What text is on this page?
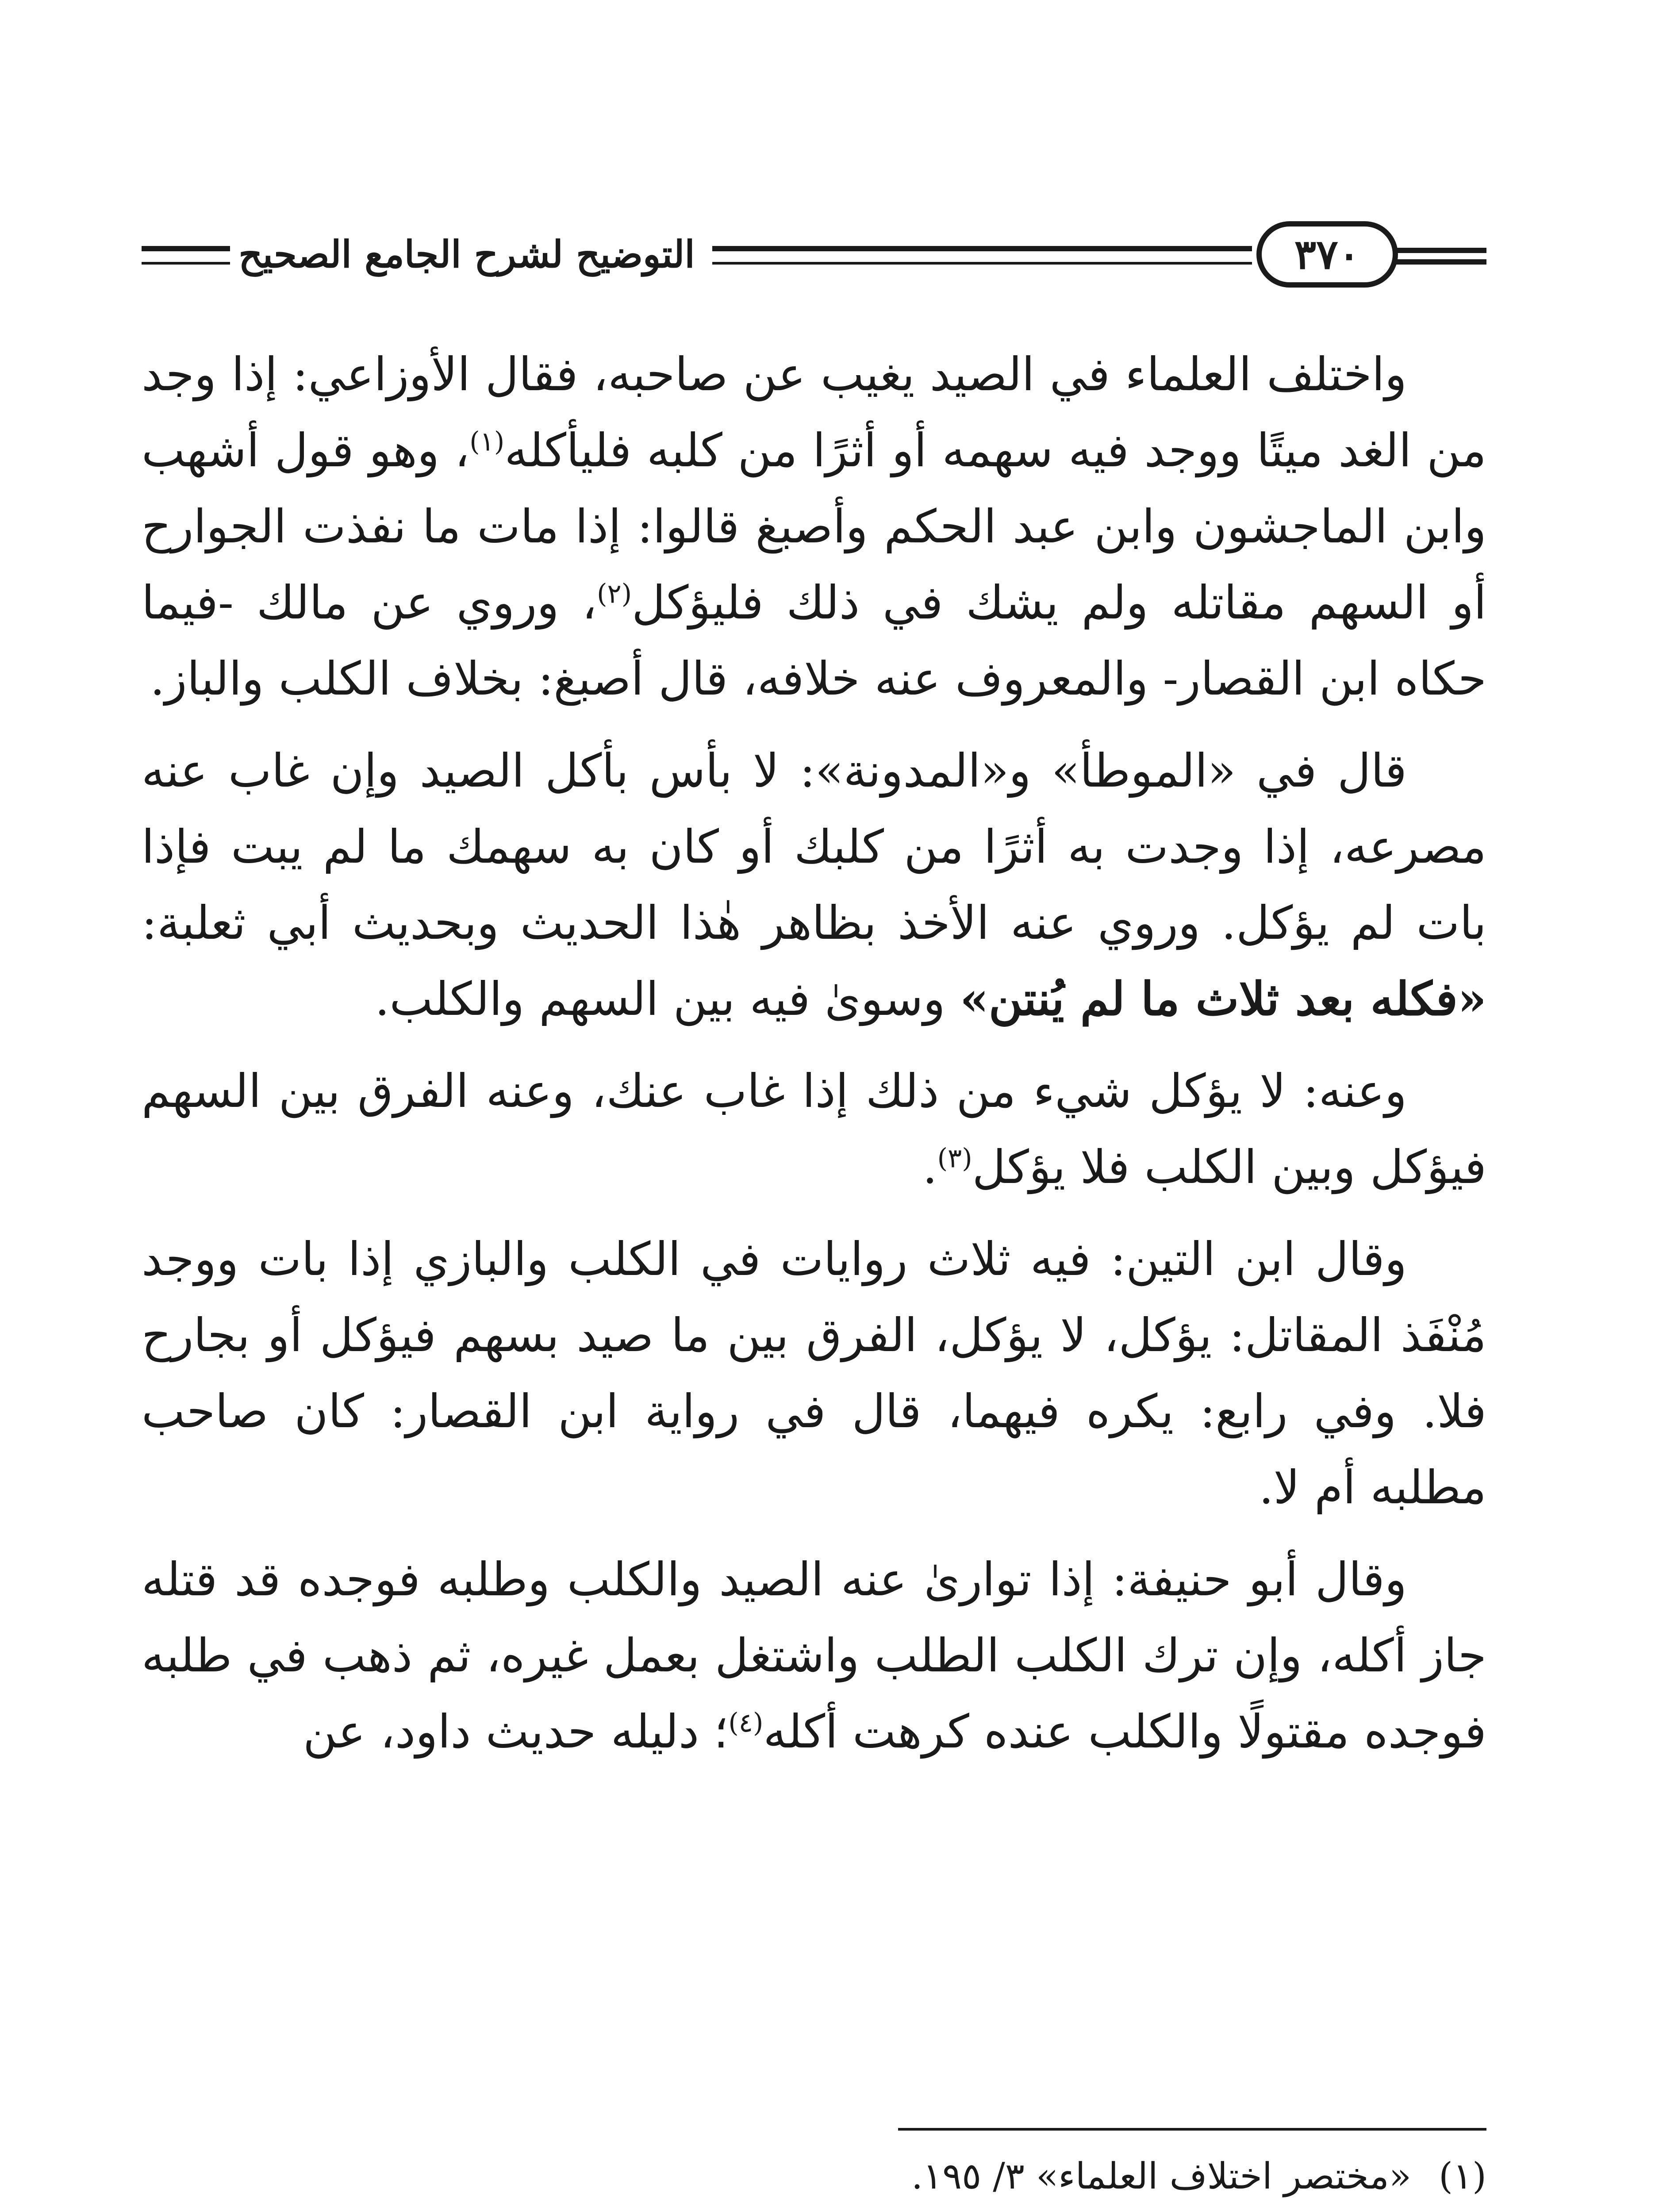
٣٧٠
التوضيح لشرح الجامع الصحيح

واختلف العلماء في الصيد يغيب عن صاحبه، فقال الأوزاعي: إذا وجد من الغد ميتًا ووجد فيه سهمه أو أثرًا من كلبه فليأكله$^{(١)}$، وهو قول أشهب وابن الماجشون وابن عبد الحكم وأصبغ قالوا: إذا مات ما نفذت الجوارح أو السهم مقاتله ولم يشك في ذلك فليؤكل$^{(٢)}$، وروي عن مالك -فيما حكاه ابن القصار- والمعروف عنه خلافه، قال أصبغ: بخلاف الكلب والباز.

قال في «الموطأ» و«المدونة»: لا بأس بأكل الصيد وإن غاب عنه مصرعه، إذا وجدت به أثرًا من كلبك أو كان به سهمك ما لم يبت فإذا بات لم يؤكل. وروي عنه الأخذ بظاهر هٰذا الحديث وبحديث أبي ثعلبة: «فكله بعد ثلاث ما لم يُنتن» وسوىٰ فيه بين السهم والكلب.

وعنه: لا يؤكل شيء من ذلك إذا غاب عنك، وعنه الفرق بين السهم فيؤكل وبين الكلب فلا يؤكل$^{(٣)}$.

وقال ابن التين: فيه ثلاث روايات في الكلب والبازي إذا بات ووجد مُنْفَذ المقاتل: يؤكل، لا يؤكل، الفرق بين ما صيد بسهم فيؤكل أو بجارح فلا. وفي رابع: يكره فيهما، قال في رواية ابن القصار: كان صاحب مطلبه أم لا.

وقال أبو حنيفة: إذا تواریٰ عنه الصيد والكلب وطلبه فوجده قد قتله جاز أكله، وإن ترك الكلب الطلب واشتغل بعمل غيره، ثم ذهب في طلبه فوجده مقتولًا والكلب عنده كرهت أكله$^{(٤)}$؛ دليله حديث داود، عن

(١)«مختصر اختلاف العلماء» ٣/ ١٩٥.
